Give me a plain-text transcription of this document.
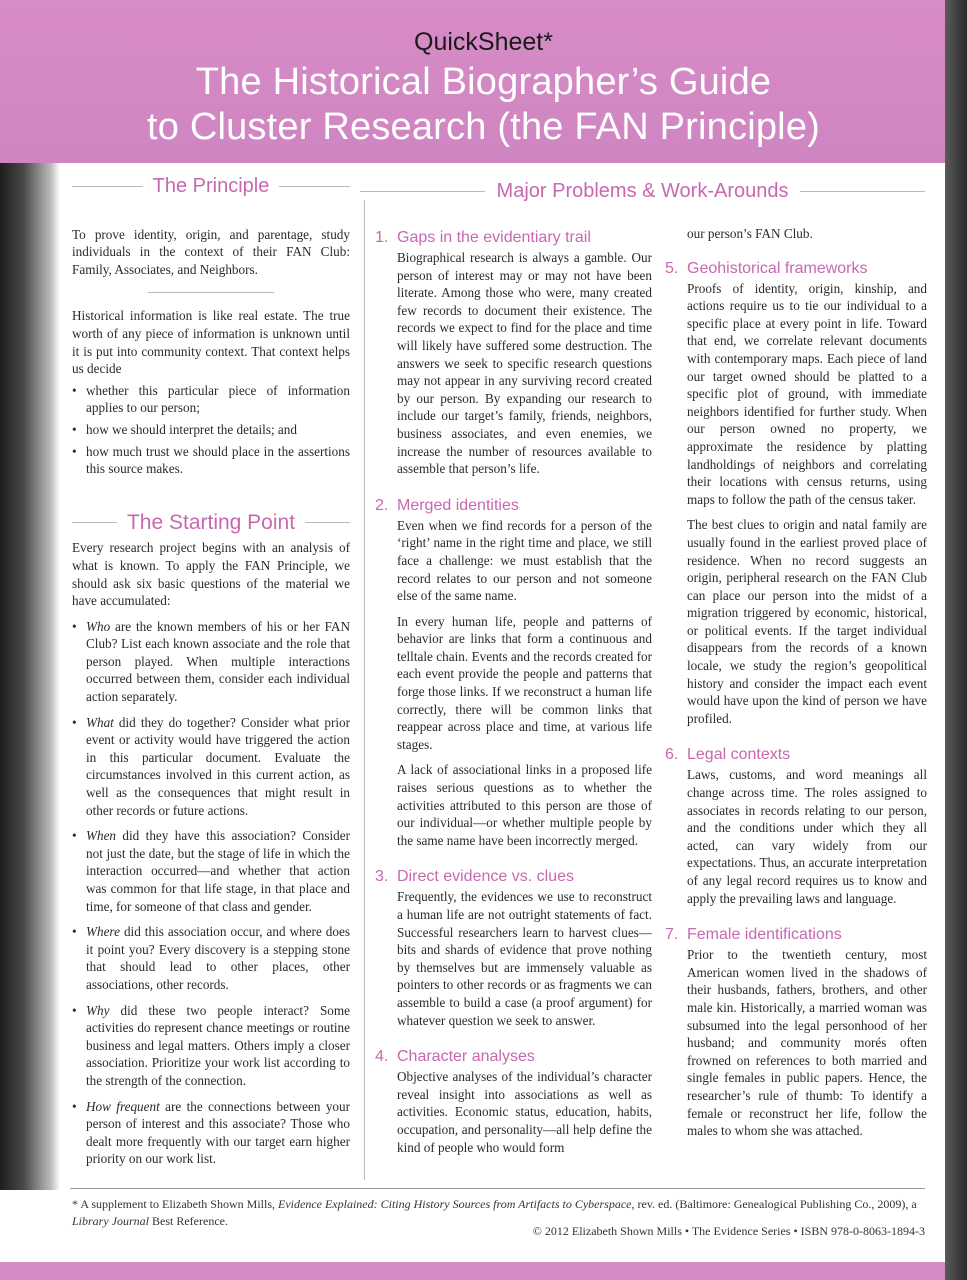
QuickSheet*
The Historical Biographer’s Guide
to Cluster Research (the FAN Principle)
The Principle

To prove identity, origin, and parentage, study individuals in the context of their FAN Club: Family, Associates, and Neighbors.

Historical information is like real estate. The true worth of any piece of information is unknown until it is put into community context. That context helps us decide

• whether this particular piece of information applies to our person;
• how we should interpret the details; and
• how much trust we should place in the assertions this source makes.
The Starting Point

Every research project begins with an analysis of what is known. To apply the FAN Principle, we should ask six basic questions of the material we have accumulated:

• Who are the known members of his or her FAN Club? List each known associate and the role that person played. When multiple interactions occurred between them, consider each individual action separately.
• What did they do together? Consider what prior event or activity would have triggered the action in this particular document. Evaluate the circumstances involved in this current action, as well as the consequences that might result in other records or future actions.
• When did they have this association? Consider not just the date, but the stage of life in which the interaction occurred—and whether that action was common for that life stage, in that place and time, for someone of that class and gender.
• Where did this association occur, and where does it point you? Every discovery is a stepping stone that should lead to other places, other associations, other records.
• Why did these two people interact? Some activities do represent chance meetings or routine business and legal matters. Others imply a closer association. Prioritize your work list according to the strength of the connection.
• How frequent are the connections between your person of interest and this associate? Those who dealt more frequently with our target earn higher priority on our work list.
Major Problems & Work-Arounds
1. Gaps in the evidentiary trail

Biographical research is always a gamble. Our person of interest may or may not have been literate. Among those who were, many created few records to document their existence. The records we expect to find for the place and time will likely have suffered some destruction. The answers we seek to specific research questions may not appear in any surviving record created by our person. By expanding our research to include our target’s family, friends, neighbors, business associates, and even enemies, we increase the number of resources available to assemble that person’s life.

2. Merged identities

Even when we find records for a person of the ‘right’ name in the right time and place, we still face a challenge: we must establish that the record relates to our person and not someone else of the same name.

In every human life, people and patterns of behavior are links that form a continuous and telltale chain. Events and the records created for each event provide the people and patterns that forge those links. If we reconstruct a human life correctly, there will be common links that reappear across place and time, at various life stages.

A lack of associational links in a proposed life raises serious questions as to whether the activities attributed to this person are those of our individual—or whether multiple people by the same name have been incorrectly merged.

3. Direct evidence vs. clues

Frequently, the evidences we use to reconstruct a human life are not outright statements of fact. Successful researchers learn to harvest clues—bits and shards of evidence that prove nothing by themselves but are immensely valuable as pointers to other records or as fragments we can assemble to build a case (a proof argument) for whatever question we seek to answer.

4. Character analyses

Objective analyses of the individual’s character reveal insight into associations as well as activities. Economic status, education, habits, occupation, and personality—all help define the kind of people who would form

our person’s FAN Club.

5. Geohistorical frameworks

Proofs of identity, origin, kinship, and actions require us to tie our individual to a specific place at every point in life. Toward that end, we correlate relevant documents with contemporary maps. Each piece of land our target owned should be platted to a specific plot of ground, with immediate neighbors identified for further study. When our person owned no property, we approximate the residence by platting landholdings of neighbors and correlating their locations with census returns, using maps to follow the path of the census taker.

The best clues to origin and natal family are usually found in the earliest proved place of residence. When no record suggests an origin, peripheral research on the FAN Club can place our person into the midst of a migration triggered by economic, historical, or political events. If the target individual disappears from the records of a known locale, we study the region’s geopolitical history and consider the impact each event would have upon the kind of person we have profiled.

6. Legal contexts

Laws, customs, and word meanings all change across time. The roles assigned to associates in records relating to our person, and the conditions under which they all acted, can vary widely from our expectations. Thus, an accurate interpretation of any legal record requires us to know and apply the prevailing laws and language.

7. Female identifications

Prior to the twentieth century, most American women lived in the shadows of their husbands, fathers, brothers, and other male kin. Historically, a married woman was subsumed into the legal personhood of her husband; and community morés often frowned on references to both married and single females in public papers. Hence, the researcher’s rule of thumb: To identify a female or reconstruct her life, follow the males to whom she was attached.

* A supplement to Elizabeth Shown Mills, Evidence Explained: Citing History Sources from Artifacts to Cyberspace, rev. ed. (Baltimore: Genealogical Publishing Co., 2009), a Library Journal Best Reference.
© 2012 Elizabeth Shown Mills • The Evidence Series • ISBN 978-0-8063-1894-3
